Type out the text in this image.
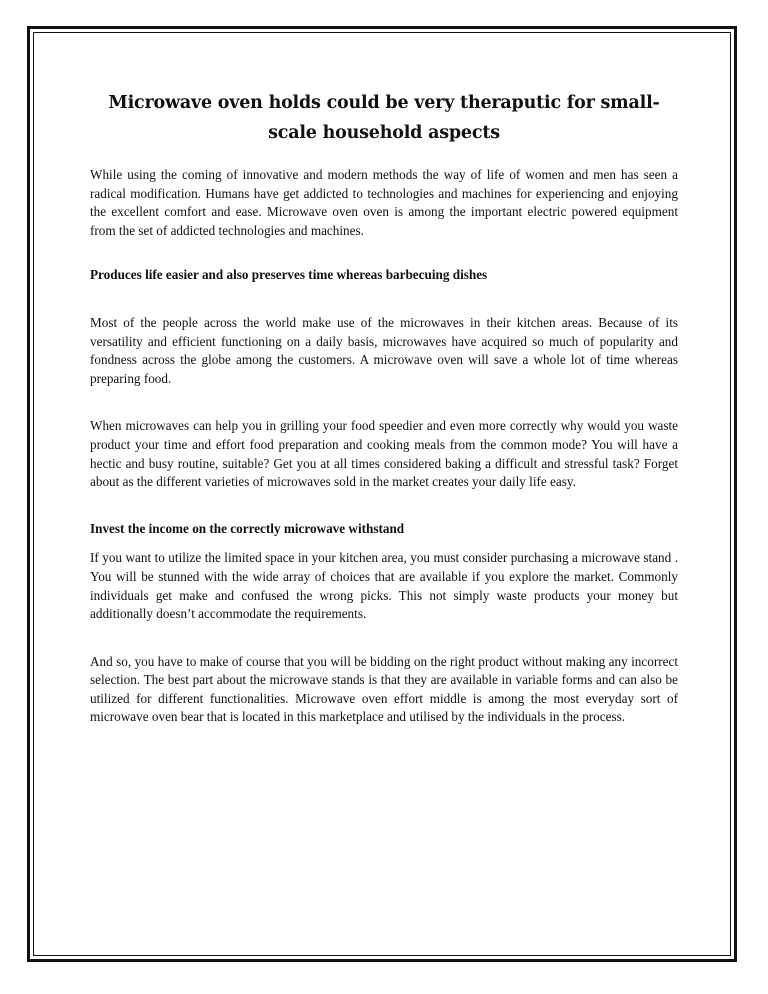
Microwave oven holds could be very theraputic for small-scale household aspects

While using the coming of innovative and modern methods the way of life of women and men has seen a radical modification. Humans have get addicted to technologies and machines for experiencing and enjoying the excellent comfort and ease. Microwave oven oven is among the important electric powered equipment from the set of addicted technologies and machines.

Produces life easier and also preserves time whereas barbecuing dishes

Most of the people across the world make use of the microwaves in their kitchen areas. Because of its versatility and efficient functioning on a daily basis, microwaves have acquired so much of popularity and fondness across the globe among the customers. A microwave oven will save a whole lot of time whereas preparing food.

When microwaves can help you in grilling your food speedier and even more correctly why would you waste product your time and effort food preparation and cooking meals from the common mode? You will have a hectic and busy routine, suitable? Get you at all times considered baking a difficult and stressful task? Forget about as the different varieties of microwaves sold in the market creates your daily life easy.

Invest the income on the correctly microwave withstand

If you want to utilize the limited space in your kitchen area, you must consider purchasing a microwave stand . You will be stunned with the wide array of choices that are available if you explore the market. Commonly individuals get make and confused the wrong picks. This not simply waste products your money but additionally doesn’t accommodate the requirements.

And so, you have to make of course that you will be bidding on the right product without making any incorrect selection. The best part about the microwave stands is that they are available in variable forms and can also be utilized for different functionalities. Microwave oven effort middle is among the most everyday sort of microwave oven bear that is located in this marketplace and utilised by the individuals in the process.
